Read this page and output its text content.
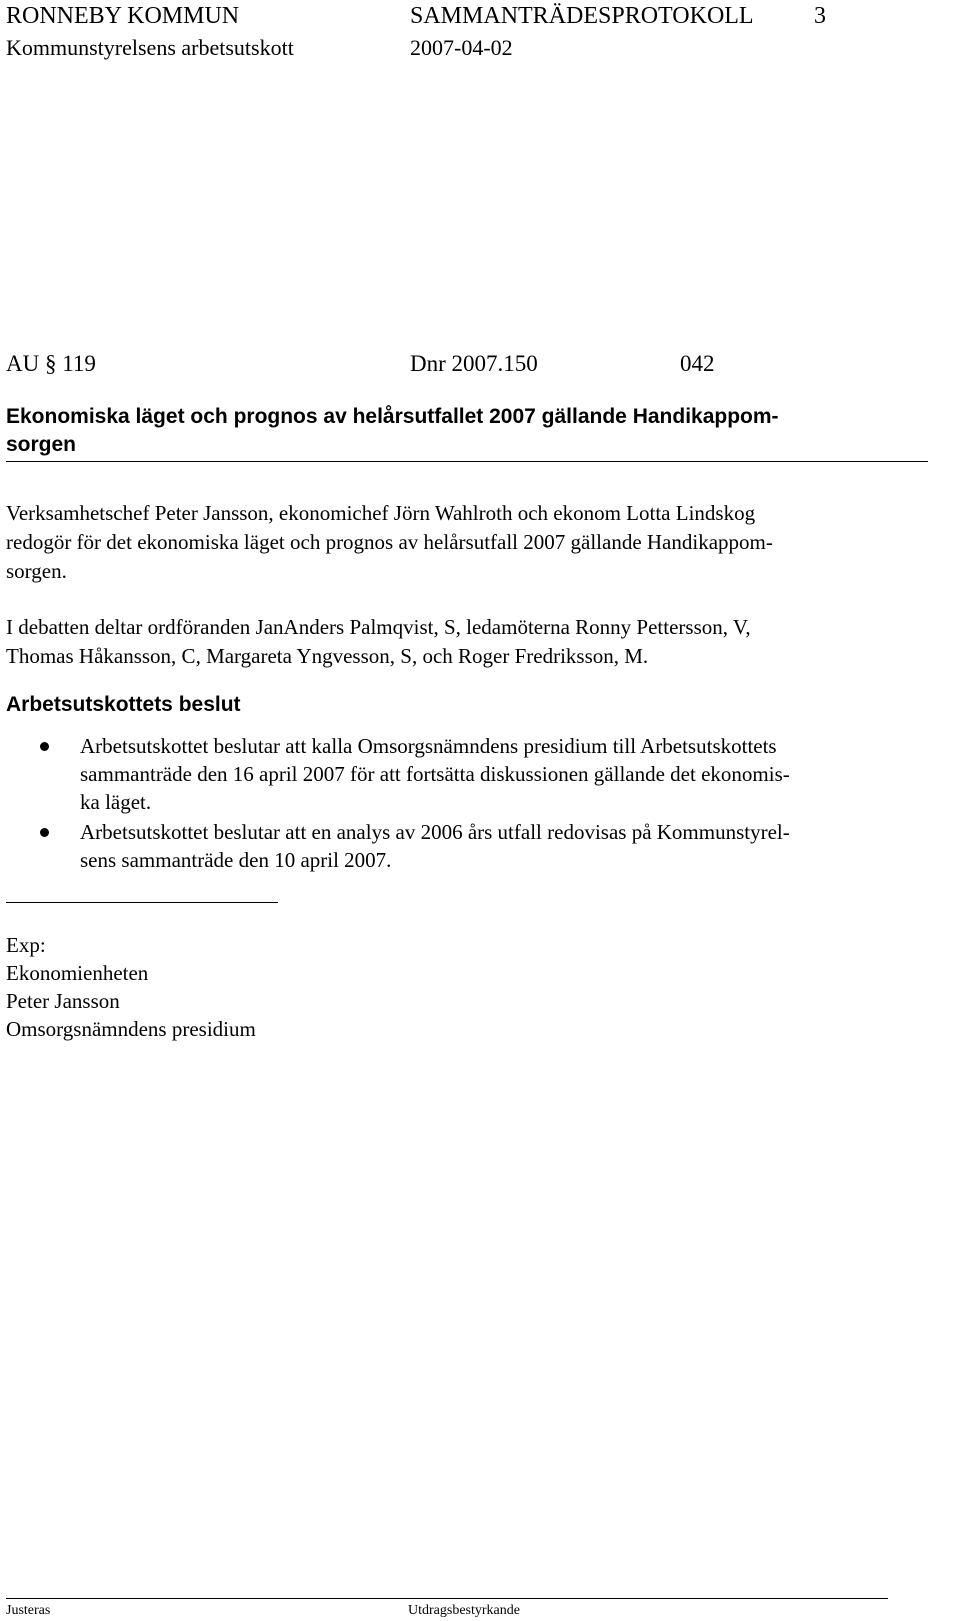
RONNEBY KOMMUN	SAMMANTRÄDESPROTOKOLL	3
Kommunstyrelsens arbetsutskott	2007-04-02
AU § 119	Dnr 2007.150	042
Ekonomiska läget och prognos av helårsutfallet 2007 gällande Handikappom-
sorgen
Verksamhetschef Peter Jansson, ekonomichef Jörn Wahlroth och ekonom Lotta Lindskog
redogör för det ekonomiska läget och prognos av helårsutfall 2007 gällande Handikappom-
sorgen.
I debatten deltar ordföranden JanAnders Palmqvist, S, ledamöterna Ronny Pettersson, V,
Thomas Håkansson, C, Margareta Yngvesson, S, och Roger Fredriksson, M.
Arbetsutskottets beslut
Arbetsutskottet beslutar att kalla Omsorgsnämndens presidium till Arbetsutskottets
sammanträde den 16 april 2007 för att fortsätta diskussionen gällande det ekonomis-
ka läget.
Arbetsutskottet beslutar att en analys av 2006 års utfall redovisas på Kommunstyrel-
sens sammanträde den 10 april 2007.
Exp:
Ekonomienheten
Peter Jansson
Omsorgsnämndens presidium
Justeras	Utdragsbestyrkande
